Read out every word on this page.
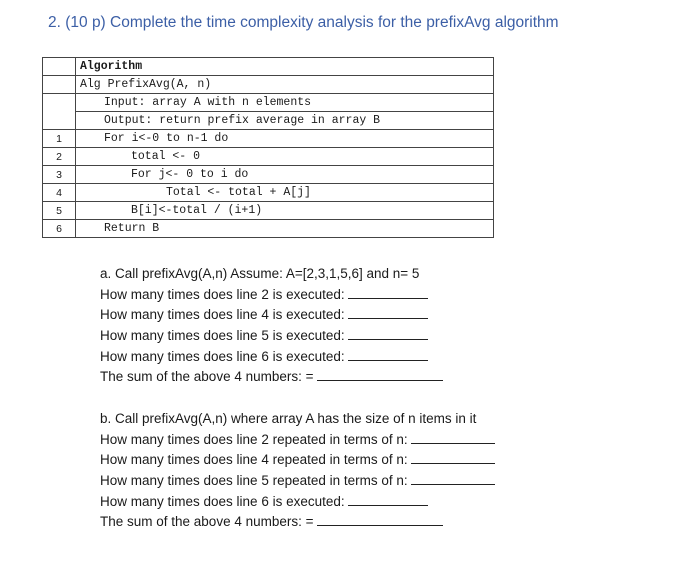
2. (10 p) Complete the time complexity analysis for the prefixAvg algorithm
	Algorithm
	Alg PrefixAvg(A, n)
	Input: array A with n elements
	Output: return prefix average in array B
1	For i<-0 to n-1 do
2	total <- 0
3	For j<- 0 to i do
4	Total <- total + A[j]
5	B[i]<-total / (i+1)
6	Return B
a. Call prefixAvg(A,n) Assume: A=[2,3,1,5,6] and n= 5
How many times does line 2 is executed:
How many times does line 4 is executed:
How many times does line 5 is executed:
How many times does line 6 is executed:
The sum of the above 4 numbers: =
b. Call prefixAvg(A,n) where array A has the size of n items in it
How many times does line 2 repeated in terms of n:
How many times does line 4 repeated in terms of n:
How many times does line 5 repeated in terms of n:
How many times does line 6 is executed:
The sum of the above 4 numbers: =
